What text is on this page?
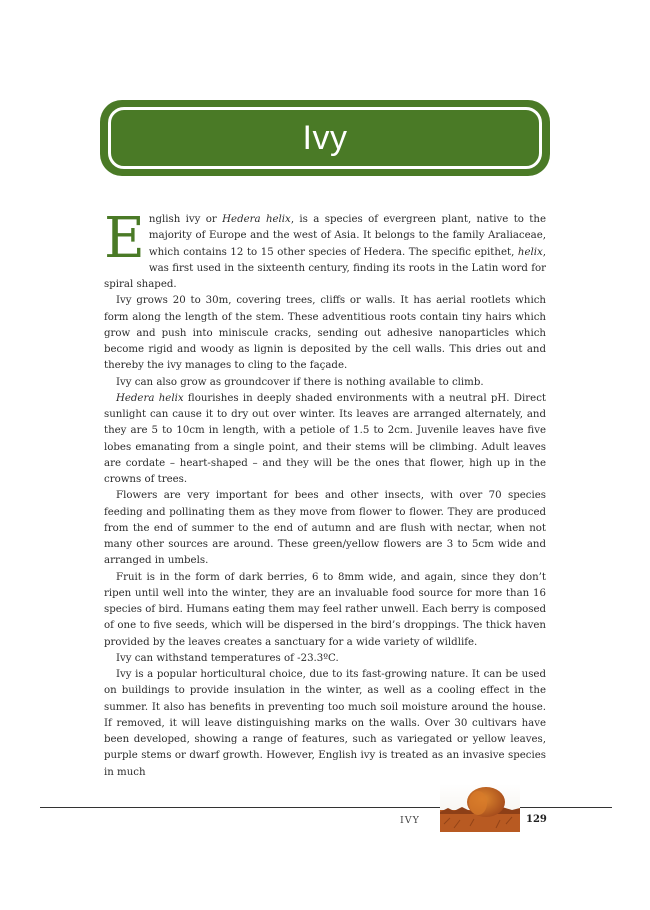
Ivy

English ivy or Hedera helix, is a species of evergreen plant, native to the majority of Europe and the west of Asia. It belongs to the family Araliaceae, which contains 12 to 15 other species of Hedera. The specific epithet, helix, was first used in the sixteenth century, finding its roots in the Latin word for spiral shaped.

Ivy grows 20 to 30m, covering trees, cliffs or walls. It has aerial rootlets which form along the length of the stem. These adventitious roots contain tiny hairs which grow and push into miniscule cracks, sending out adhesive nanoparticles which become rigid and woody as lignin is deposited by the cell walls. This dries out and thereby the ivy manages to cling to the façade.

Ivy can also grow as groundcover if there is nothing available to climb.

Hedera helix flourishes in deeply shaded environments with a neutral pH. Direct sunlight can cause it to dry out over winter. Its leaves are arranged alternately, and they are 5 to 10cm in length, with a petiole of 1.5 to 2cm. Juvenile leaves have five lobes emanating from a single point, and their stems will be climbing. Adult leaves are cordate – heart-shaped – and they will be the ones that flower, high up in the crowns of trees.

Flowers are very important for bees and other insects, with over 70 species feeding and pollinating them as they move from flower to flower. They are produced from the end of summer to the end of autumn and are flush with nectar, when not many other sources are around. These green/yellow flowers are 3 to 5cm wide and arranged in umbels.

Fruit is in the form of dark berries, 6 to 8mm wide, and again, since they don’t ripen until well into the winter, they are an invaluable food source for more than 16 species of bird. Humans eating them may feel rather unwell. Each berry is composed of one to five seeds, which will be dispersed in the bird’s droppings. The thick haven provided by the leaves creates a sanctuary for a wide variety of wildlife.

Ivy can withstand temperatures of -23.3ºC.

Ivy is a popular horticultural choice, due to its fast-growing nature. It can be used on buildings to provide insulation in the winter, as well as a cooling effect in the summer. It also has benefits in preventing too much soil moisture around the house. If removed, it will leave distinguishing marks on the walls. Over 30 cultivars have been developed, showing a range of features, such as variegated or yellow leaves, purple stems or dwarf growth. However, English ivy is treated as an invasive species in much

IVY	129
